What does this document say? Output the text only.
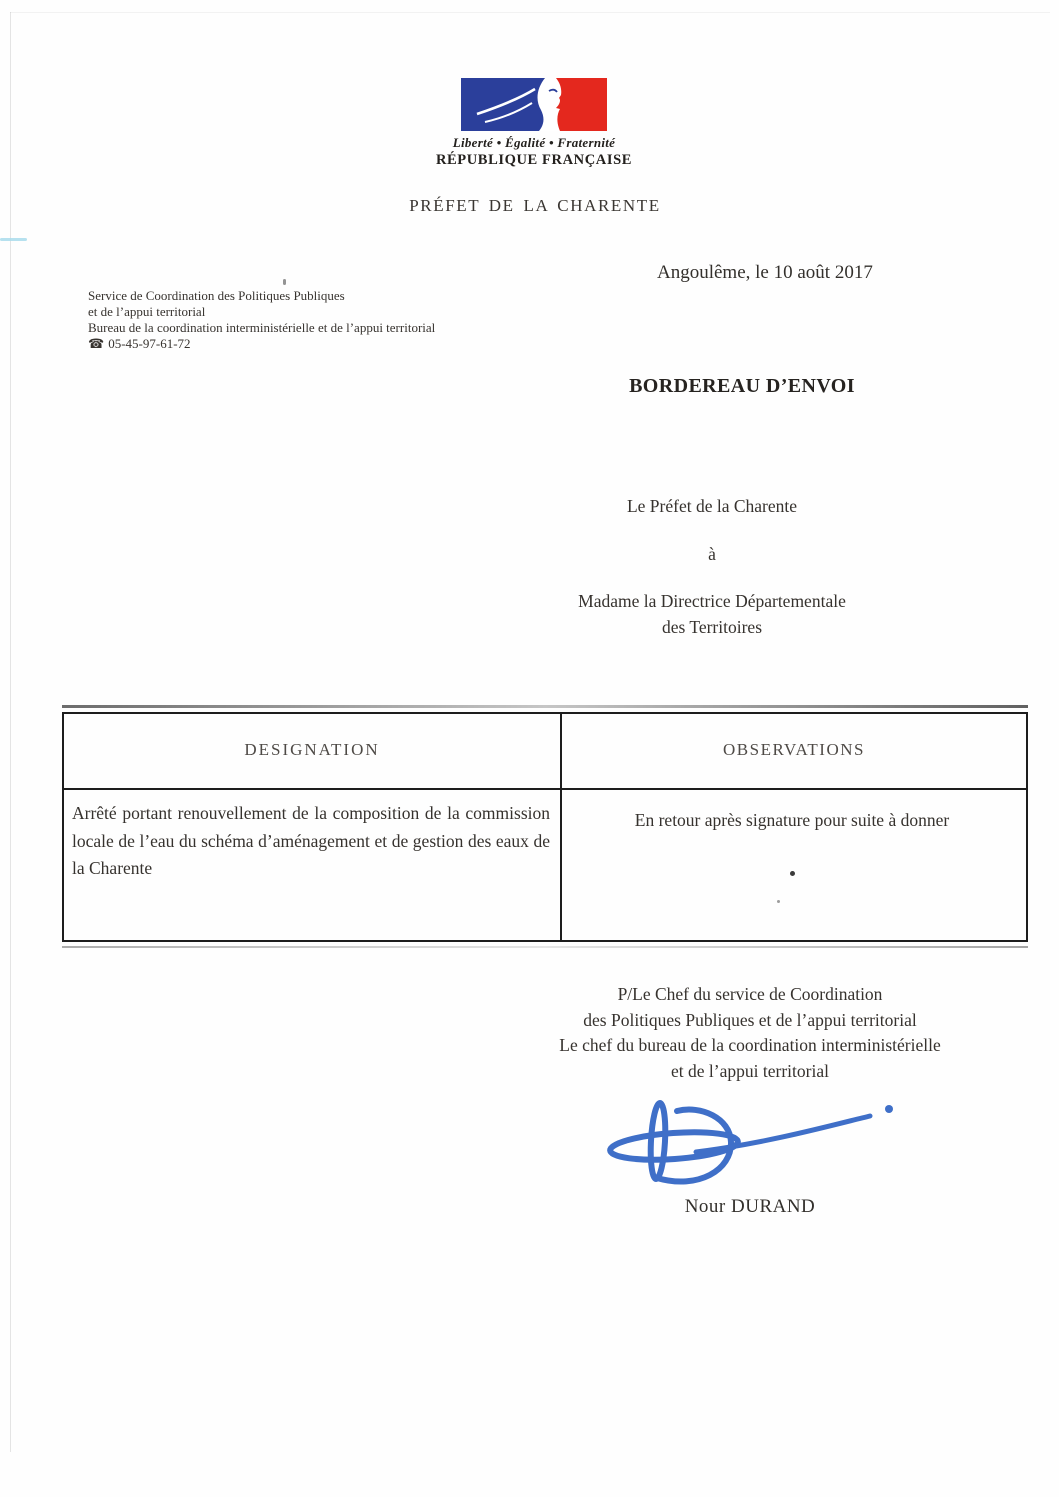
Liberté • Égalité • Fraternité
RÉPUBLIQUE FRANÇAISE
PRÉFET DE LA CHARENTE
Angoulême, le 10 août 2017
Service de Coordination des Politiques Publiques
et de l’appui territorial
Bureau de la coordination interministérielle et de l’appui territorial
☎ 05-45-97-61-72
BORDEREAU D’ENVOI
Le Préfet de la Charente
à
Madame la Directrice Départementale
des Territoires
DESIGNATION	OBSERVATIONS
Arrêté portant renouvellement de la composition de la commission locale de l’eau du schéma d’aménagement et de gestion des eaux de la Charente
En retour après signature pour suite à donner
P/Le Chef du service de Coordination
des Politiques Publiques et de l’appui territorial
Le chef du bureau de la coordination interministérielle
et de l’appui territorial
Nour DURAND
